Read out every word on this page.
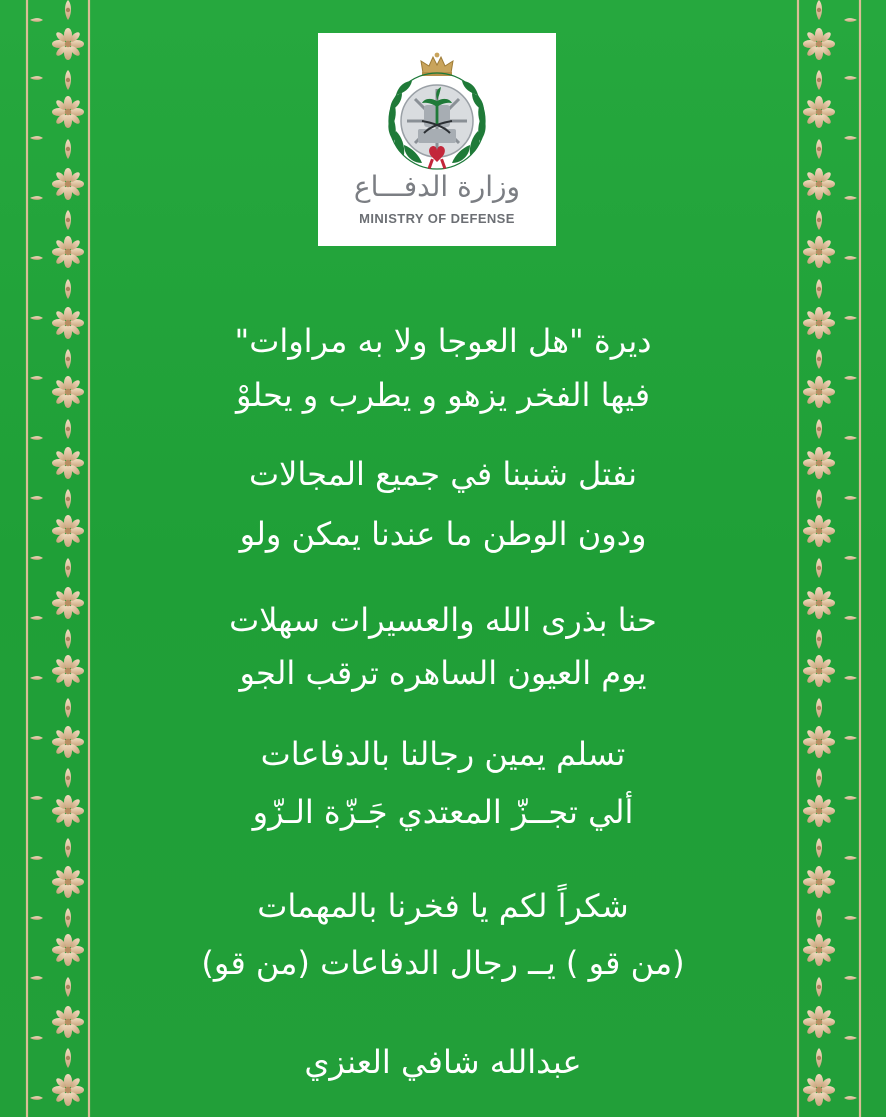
وزارة الدفـــاع
MINISTRY OF DEFENSE
ديرة "هل العوجا ولا به مراوات"
فيها الفخر يزهو و يطرب و يحلوْ
نفتل شنبنا في جميع المجالات
ودون الوطن ما عندنا يمكن ولو
حنا بذرى الله والعسيرات سهلات
يوم العيون الساهره ترقب الجو
تسلم يمين رجالنا بالدفاعات
ألي تجــزّ المعتدي جَـزّة الـزّو
شكراً لكم يا فخرنا بالمهمات
(من قو ) يــ رجال الدفاعات (من قو)
عبدالله شافي العنزي
